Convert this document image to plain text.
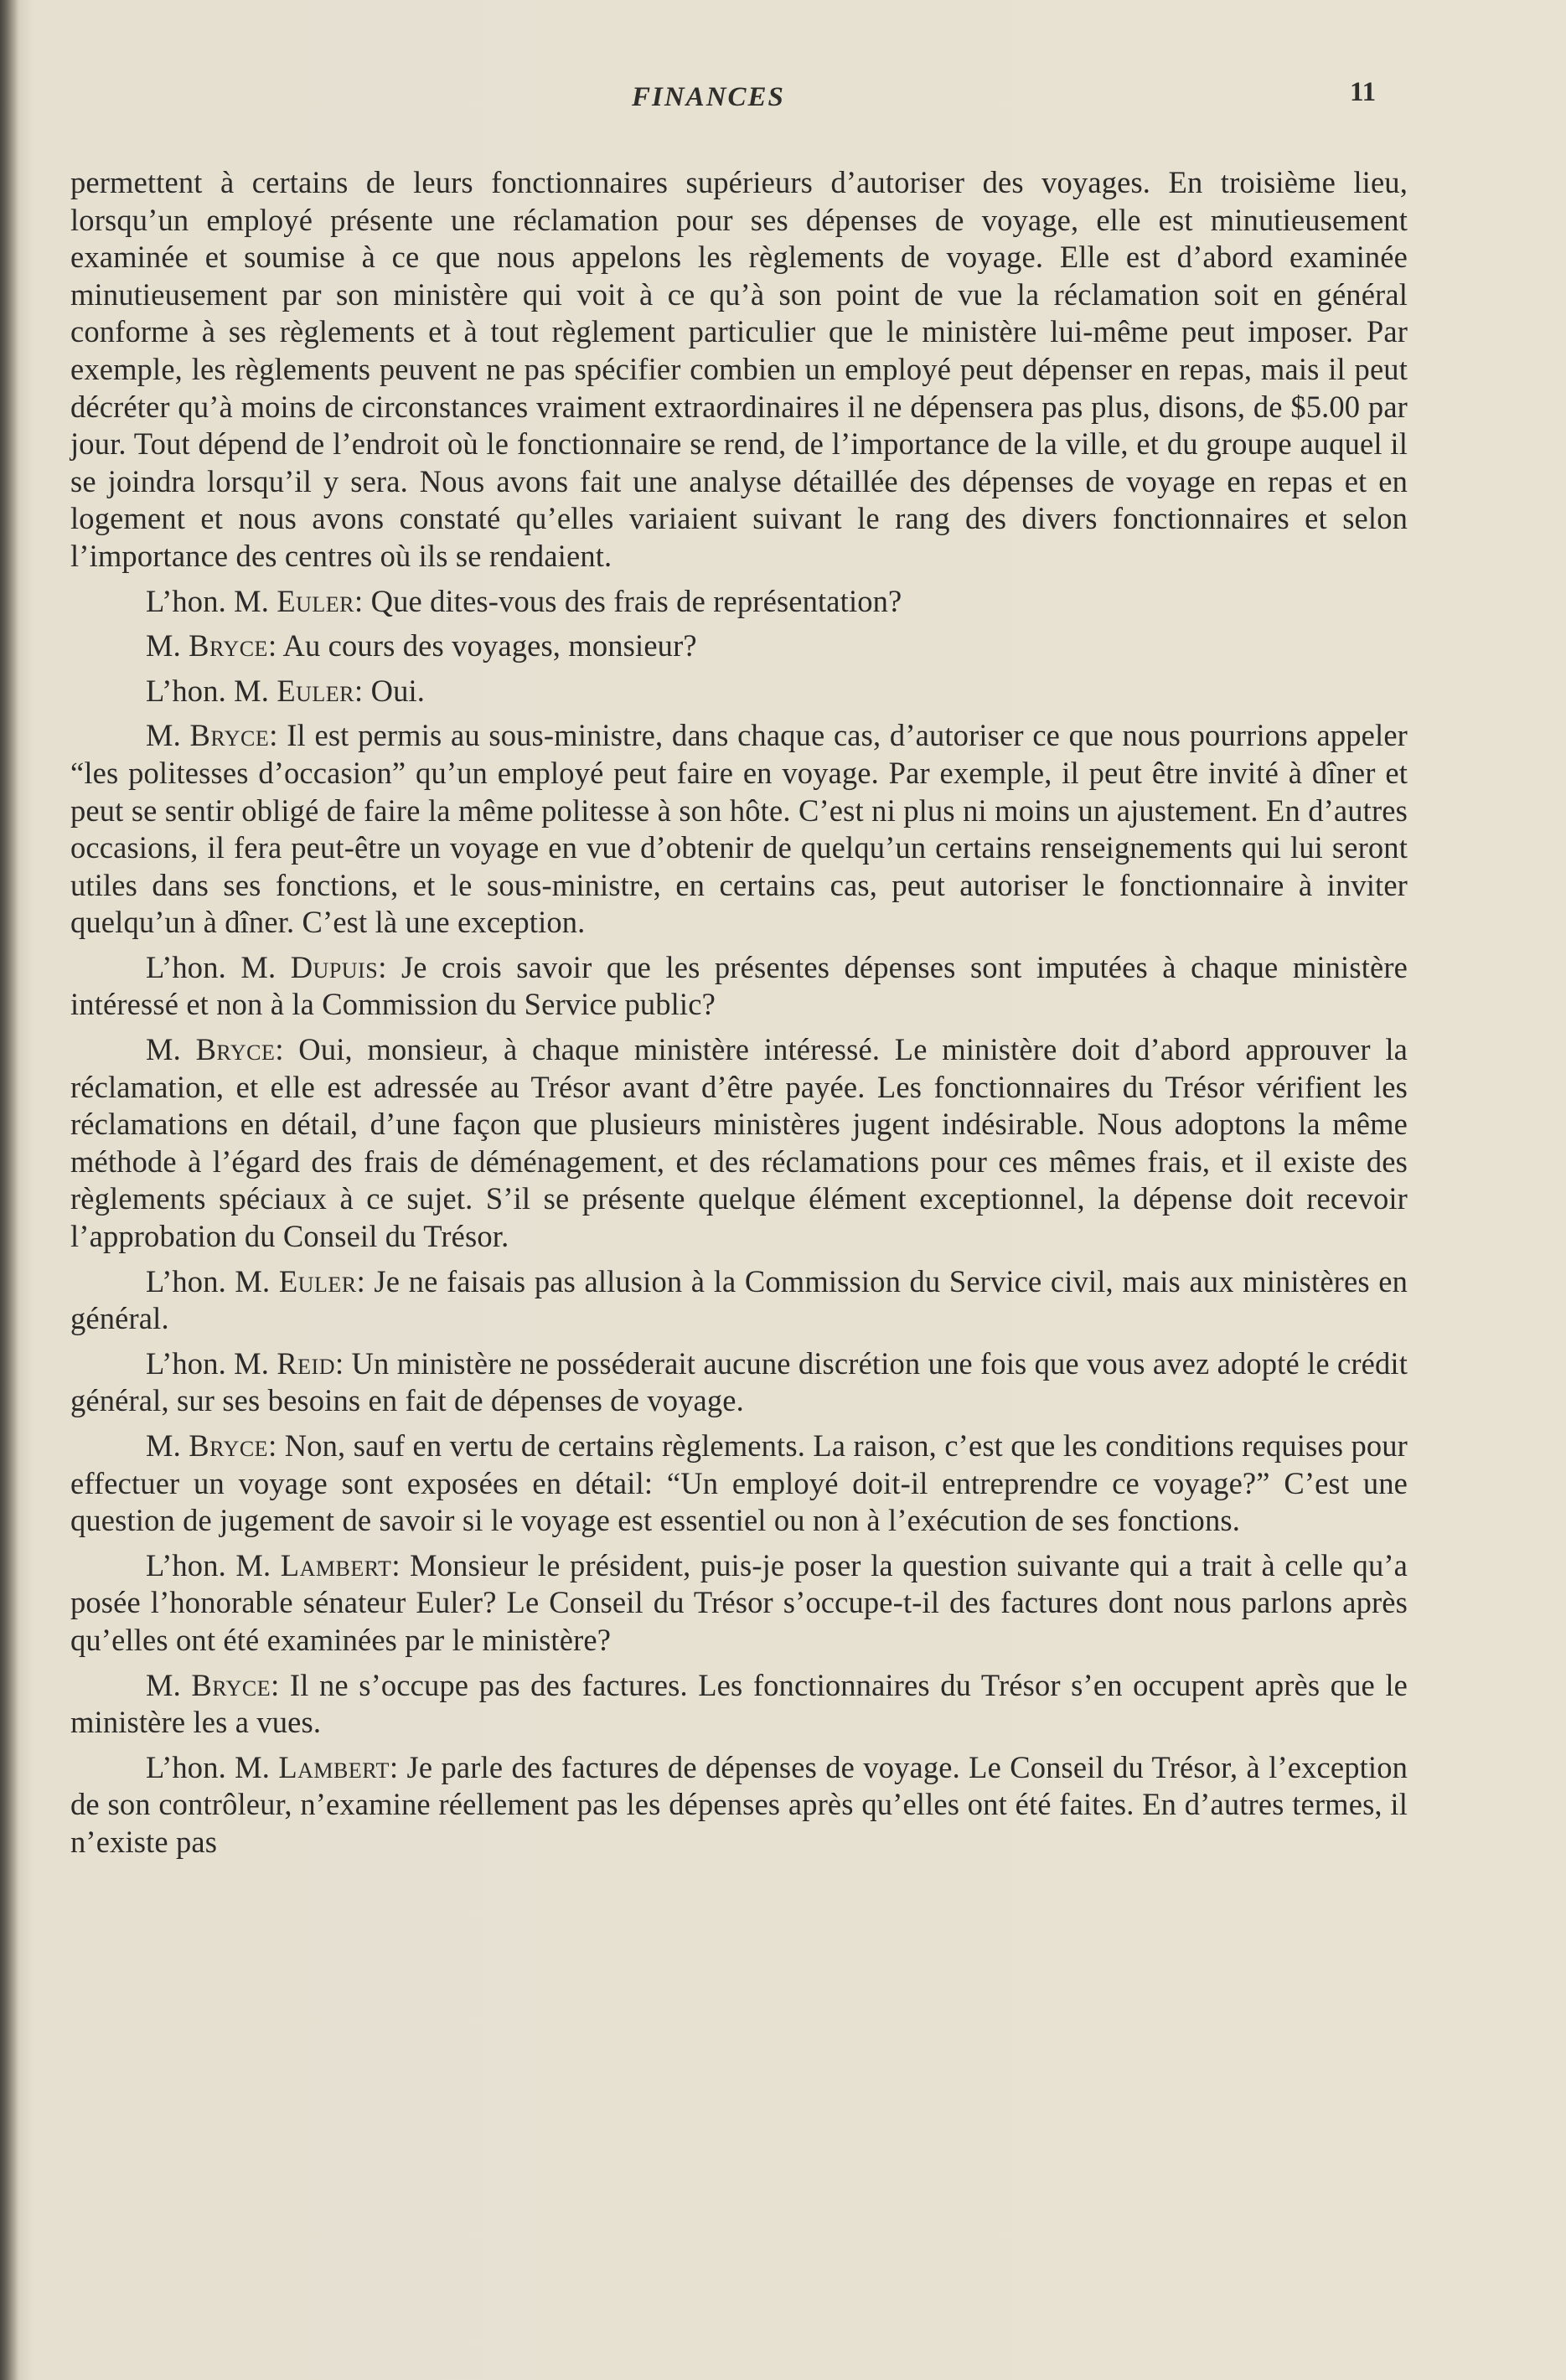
FINANCES	11

permettent à certains de leurs fonctionnaires supérieurs d’autoriser des voyages. En troisième lieu, lorsqu’un employé présente une réclamation pour ses dépenses de voyage, elle est minutieusement examinée et soumise à ce que nous appelons les règlements de voyage. Elle est d’abord examinée minutieusement par son ministère qui voit à ce qu’à son point de vue la réclamation soit en général conforme à ses règlements et à tout règlement particulier que le ministère lui-même peut imposer. Par exemple, les règlements peuvent ne pas spécifier combien un employé peut dépenser en repas, mais il peut décréter qu’à moins de circonstances vraiment extraordinaires il ne dépensera pas plus, disons, de $5.00 par jour. Tout dépend de l’endroit où le fonctionnaire se rend, de l’importance de la ville, et du groupe auquel il se joindra lorsqu’il y sera. Nous avons fait une analyse détaillée des dépenses de voyage en repas et en logement et nous avons constaté qu’elles variaient suivant le rang des divers fonctionnaires et selon l’importance des centres où ils se rendaient.

L’hon. M. Euler: Que dites-vous des frais de représentation?

M. Bryce: Au cours des voyages, monsieur?

L’hon. M. Euler: Oui.

M. Bryce: Il est permis au sous-ministre, dans chaque cas, d’autoriser ce que nous pourrions appeler “les politesses d’occasion” qu’un employé peut faire en voyage. Par exemple, il peut être invité à dîner et peut se sentir obligé de faire la même politesse à son hôte. C’est ni plus ni moins un ajustement. En d’autres occasions, il fera peut-être un voyage en vue d’obtenir de quelqu’un certains renseignements qui lui seront utiles dans ses fonctions, et le sous-ministre, en certains cas, peut autoriser le fonctionnaire à inviter quelqu’un à dîner. C’est là une exception.

L’hon. M. Dupuis: Je crois savoir que les présentes dépenses sont imputées à chaque ministère intéressé et non à la Commission du Service public?

M. Bryce: Oui, monsieur, à chaque ministère intéressé. Le ministère doit d’abord approuver la réclamation, et elle est adressée au Trésor avant d’être payée. Les fonctionnaires du Trésor vérifient les réclamations en détail, d’une façon que plusieurs ministères jugent indésirable. Nous adoptons la même méthode à l’égard des frais de déménagement, et des réclamations pour ces mêmes frais, et il existe des règlements spéciaux à ce sujet. S’il se présente quelque élément exceptionnel, la dépense doit recevoir l’approbation du Conseil du Trésor.

L’hon. M. Euler: Je ne faisais pas allusion à la Commission du Service civil, mais aux ministères en général.

L’hon. M. Reid: Un ministère ne posséderait aucune discrétion une fois que vous avez adopté le crédit général, sur ses besoins en fait de dépenses de voyage.

M. Bryce: Non, sauf en vertu de certains règlements. La raison, c’est que les conditions requises pour effectuer un voyage sont exposées en détail: “Un employé doit-il entreprendre ce voyage?” C’est une question de jugement de savoir si le voyage est essentiel ou non à l’exécution de ses fonctions.

L’hon. M. Lambert: Monsieur le président, puis-je poser la question suivante qui a trait à celle qu’a posée l’honorable sénateur Euler? Le Conseil du Trésor s’occupe-t-il des factures dont nous parlons après qu’elles ont été examinées par le ministère?

M. Bryce: Il ne s’occupe pas des factures. Les fonctionnaires du Trésor s’en occupent après que le ministère les a vues.

L’hon. M. Lambert: Je parle des factures de dépenses de voyage. Le Conseil du Trésor, à l’exception de son contrôleur, n’examine réellement pas les dépenses après qu’elles ont été faites. En d’autres termes, il n’existe pas
